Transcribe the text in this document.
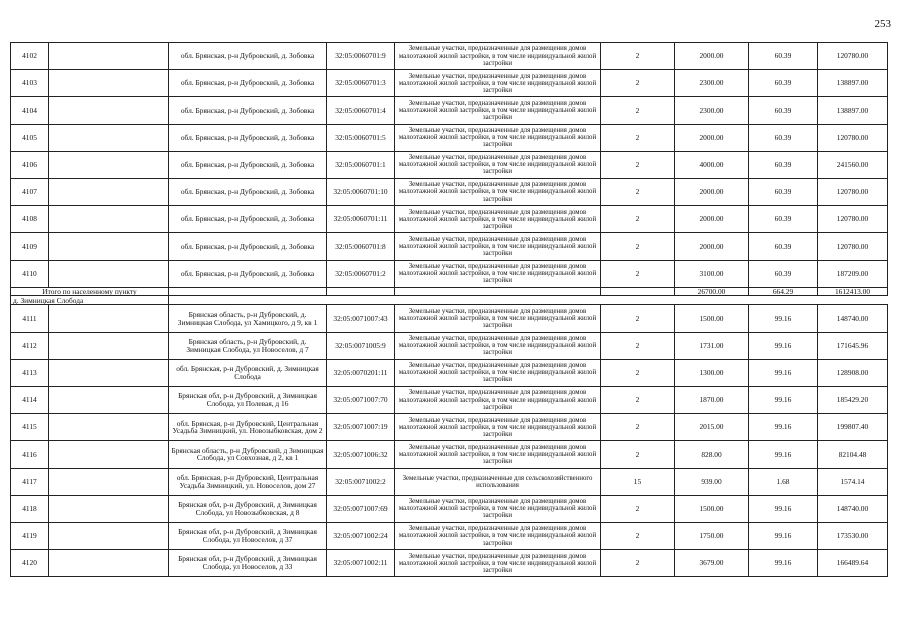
253
4102		обл. Брянская, р-н Дубровский, д. Зобовка	32:05:0060701:9	Земельные участки, предназначенные для размещения домов малоэтажной жилой застройки, в том числе индивидуальной жилой застройки	2	2000.00	60.39	120780.00
4103		обл. Брянская, р-н Дубровский, д. Зобовка	32:05:0060701:3	Земельные участки, предназначенные для размещения домов малоэтажной жилой застройки, в том числе индивидуальной жилой застройки	2	2300.00	60.39	138897.00
4104		обл. Брянская, р-н Дубровский, д. Зобовка	32:05:0060701:4	Земельные участки, предназначенные для размещения домов малоэтажной жилой застройки, в том числе индивидуальной жилой застройки	2	2300.00	60.39	138897.00
4105		обл. Брянская, р-н Дубровский, д. Зобовка	32:05:0060701:5	Земельные участки, предназначенные для размещения домов малоэтажной жилой застройки, в том числе индивидуальной жилой застройки	2	2000.00	60.39	120780.00
4106		обл. Брянская, р-н Дубровский, д. Зобовка	32:05:0060701:1	Земельные участки, предназначенные для размещения домов малоэтажной жилой застройки, в том числе индивидуальной жилой застройки	2	4000.00	60.39	241560.00
4107		обл. Брянская, р-н Дубровский, д. Зобовка	32:05:0060701:10	Земельные участки, предназначенные для размещения домов малоэтажной жилой застройки, в том числе индивидуальной жилой застройки	2	2000.00	60.39	120780.00
4108		обл. Брянская, р-н Дубровский, д. Зобовка	32:05:0060701:11	Земельные участки, предназначенные для размещения домов малоэтажной жилой застройки, в том числе индивидуальной жилой застройки	2	2000.00	60.39	120780.00
4109		обл. Брянская, р-н Дубровский, д. Зобовка	32:05:0060701:8	Земельные участки, предназначенные для размещения домов малоэтажной жилой застройки, в том числе индивидуальной жилой застройки	2	2000.00	60.39	120780.00
4110		обл. Брянская, р-н Дубровский, д. Зобовка	32:05:0060701:2	Земельные участки, предназначенные для размещения домов малоэтажной жилой застройки, в том числе индивидуальной жилой застройки	2	3100.00	60.39	187209.00
Итого по населенному пункту						26700.00	664.29	1612413.00
д. Зимницкая Слобода								
4111		Брянская область, р-н Дубровский, д. Зимницкая Слобода, ул Хамицкого, д 9, кв 1	32:05:0071007:43	Земельные участки, предназначенные для размещения домов малоэтажной жилой застройки, в том числе индивидуальной жилой застройки	2	1500.00	99.16	148740.00
4112		Брянская область, р-н Дубровский, д. Зимницкая Слобода, ул Новоселов, д 7	32:05:0071005:9	Земельные участки, предназначенные для размещения домов малоэтажной жилой застройки, в том числе индивидуальной жилой застройки	2	1731.00	99.16	171645.96
4113		обл. Брянская, р-н Дубровский, д. Зимницкая Слобода	32:05:0070201:11	Земельные участки, предназначенные для размещения домов малоэтажной жилой застройки, в том числе индивидуальной жилой застройки	2	1300.00	99.16	128908.00
4114		Брянская обл, р-н Дубровский, д Зимницкая Слобода, ул Полевая, д 16	32:05:0071007:70	Земельные участки, предназначенные для размещения домов малоэтажной жилой застройки, в том числе индивидуальной жилой застройки	2	1870.00	99.16	185429.20
4115		обл. Брянская, р-н Дубровский, Центральная Усадьба Зимницкий, ул. Новозыбковская, дом 2	32:05:0071007:19	Земельные участки, предназначенные для размещения домов малоэтажной жилой застройки, в том числе индивидуальной жилой застройки	2	2015.00	99.16	199807.40
4116		Брянская область, р-н Дубровский, д Зимницкая Слобода, ул Совхозная, д 2, кв 1	32:05:0071006:32	Земельные участки, предназначенные для размещения домов малоэтажной жилой застройки, в том числе индивидуальной жилой застройки	2	828.00	99.16	82104.48
4117		обл. Брянская, р-н Дубровский, Центральная Усадьба Зимницкий, ул. Новоселов, дом 27	32:05:0071002:2	Земельные участки, предназначенные для сельскохозяйственного использования	15	939.00	1.68	1574.14
4118		Брянская обл, р-н Дубровский, д Зимницкая Слобода, ул Новозыбковская, д 8	32:05:0071007:69	Земельные участки, предназначенные для размещения домов малоэтажной жилой застройки, в том числе индивидуальной жилой застройки	2	1500.00	99.16	148740.00
4119		Брянская обл, р-н Дубровский, д Зимницкая Слобода, ул Новоселов, д 37	32:05:0071002:24	Земельные участки, предназначенные для размещения домов малоэтажной жилой застройки, в том числе индивидуальной жилой застройки	2	1750.00	99.16	173530.00
4120		Брянская обл, р-н Дубровский, д Зимницкая Слобода, ул Новоселов, д 33	32:05:0071002:11	Земельные участки, предназначенные для размещения домов малоэтажной жилой застройки, в том числе индивидуальной жилой застройки	2	3679.00	99.16	166489.64
